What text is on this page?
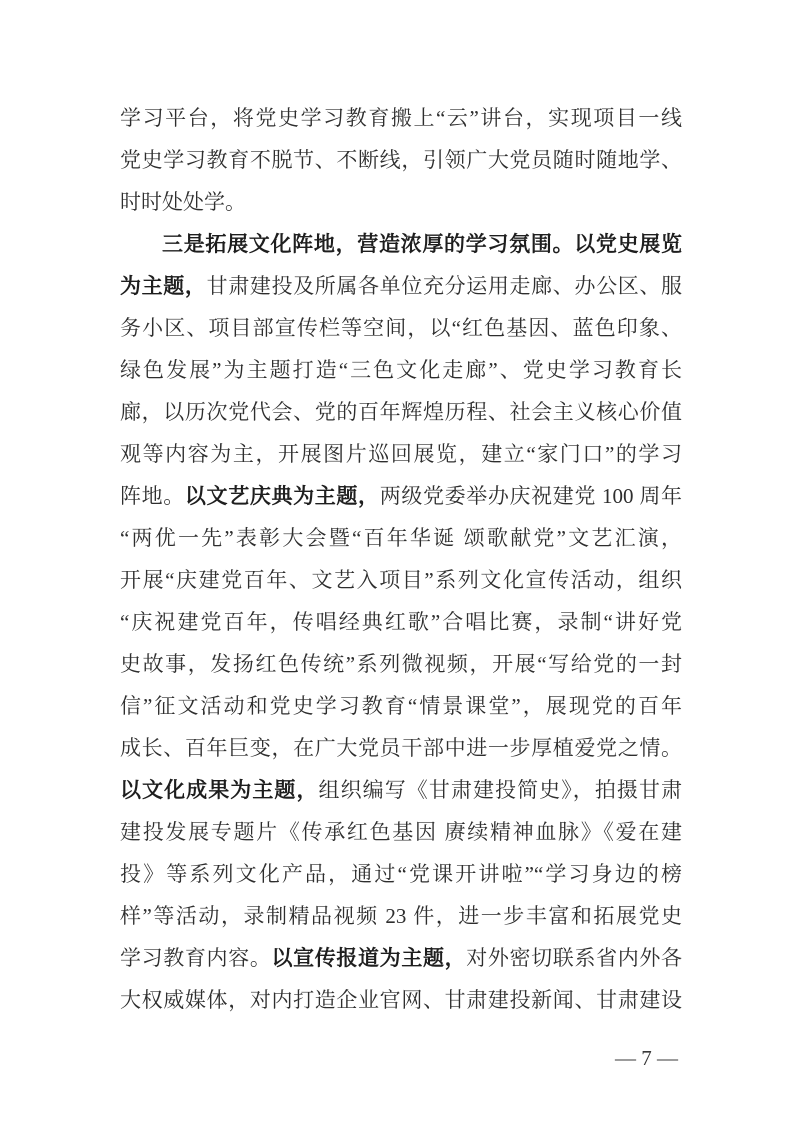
学习平台，将党史学习教育搬上“云”讲台，实现项目一线
党史学习教育不脱节、不断线，引领广大党员随时随地学、
时时处处学。
三是拓展文化阵地，营造浓厚的学习氛围。以党史展览
为主题，甘肃建投及所属各单位充分运用走廊、办公区、服
务小区、项目部宣传栏等空间，以“红色基因、蓝色印象、
绿色发展”为主题打造“三色文化走廊”、党史学习教育长
廊，以历次党代会、党的百年辉煌历程、社会主义核心价值
观等内容为主，开展图片巡回展览，建立“家门口”的学习
阵地。以文艺庆典为主题，两级党委举办庆祝建党 100 周年
“两优一先”表彰大会暨“百年华诞 颂歌献党”文艺汇演，
开展“庆建党百年、文艺入项目”系列文化宣传活动，组织
“庆祝建党百年，传唱经典红歌”合唱比赛，录制“讲好党
史故事，发扬红色传统”系列微视频，开展“写给党的一封
信”征文活动和党史学习教育“情景课堂”，展现党的百年
成长、百年巨变，在广大党员干部中进一步厚植爱党之情。
以文化成果为主题，组织编写《甘肃建投简史》，拍摄甘肃
建投发展专题片《传承红色基因 赓续精神血脉》《爱在建
投》等系列文化产品，通过“党课开讲啦”“学习身边的榜
样”等活动，录制精品视频 23 件，进一步丰富和拓展党史
学习教育内容。以宣传报道为主题，对外密切联系省内外各
大权威媒体，对内打造企业官网、甘肃建投新闻、甘肃建设
— 7 —
